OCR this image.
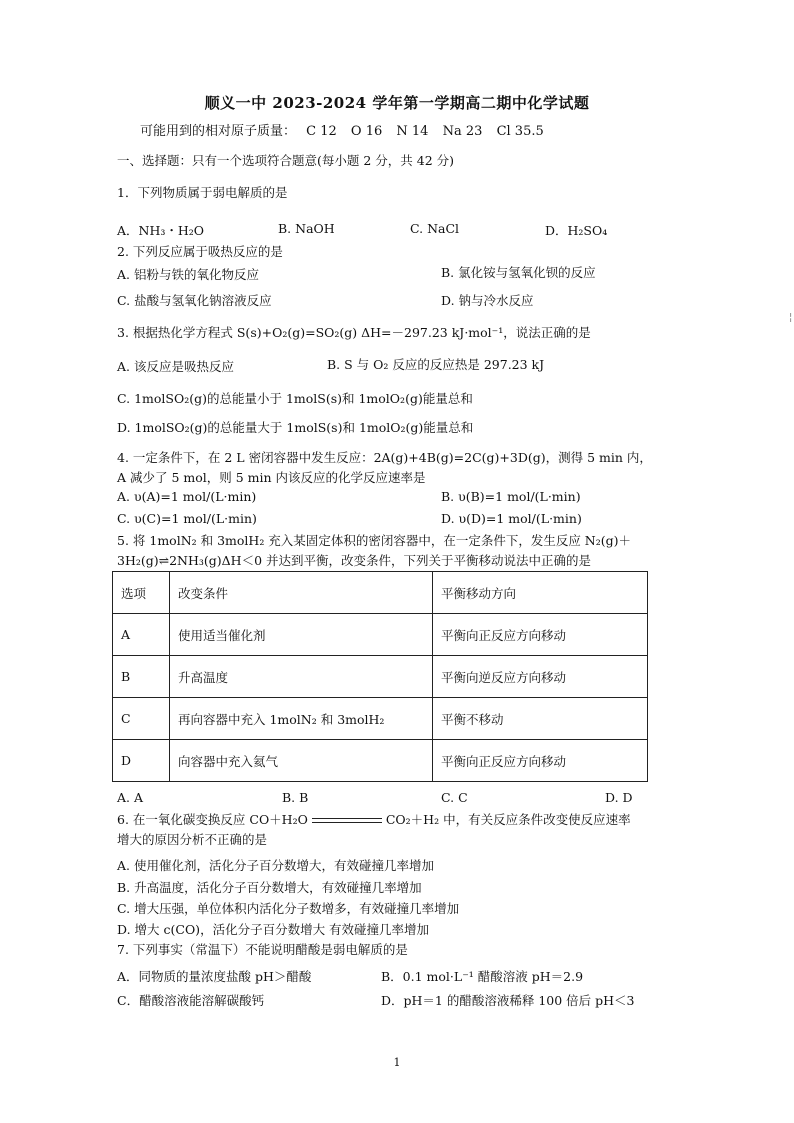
顺义一中 2023-2024 学年第一学期高二期中化学试题
可能用到的相对原子质量： C 12 O 16 N 14 Na 23 Cl 35.5
一、选择题：只有一个选项符合题意(每小题 2 分，共 42 分)
1．下列物质属于弱电解质的是
A．NH₃・H₂O	B. NaOH	C. NaCl	D．H₂SO₄
2. 下列反应属于吸热反应的是
A. 铝粉与铁的氧化物反应	B. 氯化铵与氢氧化钡的反应
C. 盐酸与氢氧化钠溶液反应	D. 钠与冷水反应
3. 根据热化学方程式 S(s)+O₂(g)=SO₂(g) ΔH=－297.23 kJ·mol⁻¹，说法正确的是
A. 该反应是吸热反应	B. S 与 O₂ 反应的反应热是 297.23 kJ
C. 1molSO₂(g)的总能量小于 1molS(s)和 1molO₂(g)能量总和
D. 1molSO₂(g)的总能量大于 1molS(s)和 1molO₂(g)能量总和
4. 一定条件下，在 2 L 密闭容器中发生反应：2A(g)+4B(g)=2C(g)+3D(g)，测得 5 min 内，
A 减少了 5 mol，则 5 min 内该反应的化学反应速率是
A. υ(A)=1 mol/(L·min)	B. υ(B)=1 mol/(L·min)
C. υ(C)=1 mol/(L·min)	D. υ(D)=1 mol/(L·min)
5. 将 1molN₂ 和 3molH₂ 充入某固定体积的密闭容器中，在一定条件下，发生反应 N₂(g)＋
3H₂(g)⇌2NH₃(g)ΔH＜0 并达到平衡，改变条件，下列关于平衡移动说法中正确的是
选项	改变条件	平衡移动方向
A	使用适当催化剂	平衡向正反应方向移动
B	升高温度	平衡向逆反应方向移动
C	再向容器中充入 1molN₂ 和 3molH₂	平衡不移动
D	向容器中充入氦气	平衡向正反应方向移动
A. A	B. B	C. C	D. D
6. 在一氧化碳变换反应 CO＋H₂O	CO₂＋H₂ 中，有关反应条件改变使反应速率
增大的原因分析不正确的是
A. 使用催化剂，活化分子百分数增大，有效碰撞几率增加
B. 升高温度，活化分子百分数增大，有效碰撞几率增加
C. 增大压强，单位体积内活化分子数增多，有效碰撞几率增加
D. 增大 c(CO)，活化分子百分数增大 有效碰撞几率增加
7. 下列事实（常温下）不能说明醋酸是弱电解质的是
A．同物质的量浓度盐酸 pH＞醋酸	B．0.1 mol·L⁻¹ 醋酸溶液 pH＝2.9
C．醋酸溶液能溶解碳酸钙	D．pH＝1 的醋酸溶液稀释 100 倍后 pH＜3
¦
1
